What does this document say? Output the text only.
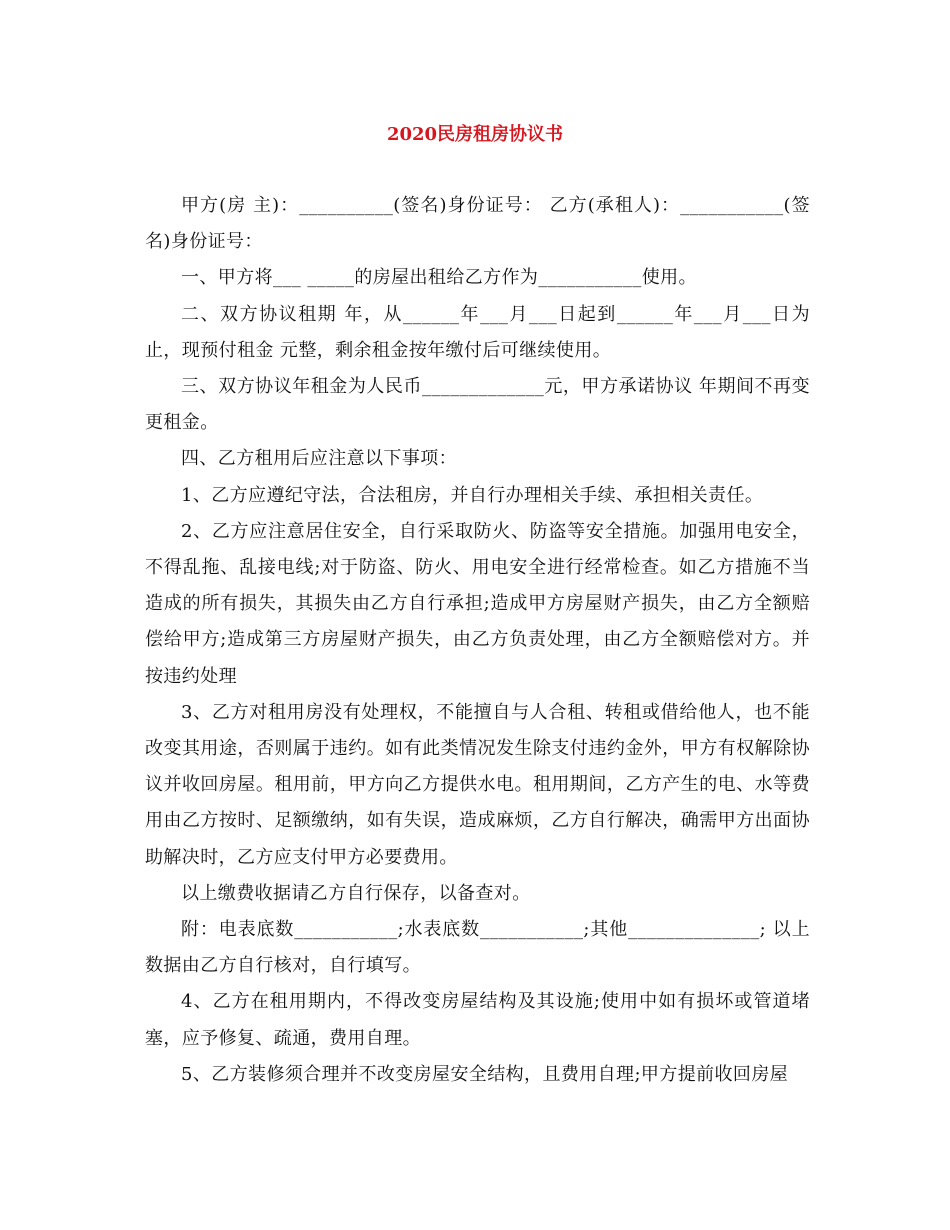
2020民房租房协议书

甲方(房 主)：__________(签名)身份证号： 乙方(承租人)：___________(签名)身份证号：

一、甲方将___ _____的房屋出租给乙方作为___________使用。

二、双方协议租期 年，从______年___月___日起到______年___月___日为止，现预付租金 元整，剩余租金按年缴付后可继续使用。

三、双方协议年租金为人民币_____________元，甲方承诺协议 年期间不再变更租金。

四、乙方租用后应注意以下事项：

1、乙方应遵纪守法，合法租房，并自行办理相关手续、承担相关责任。

2、乙方应注意居住安全，自行采取防火、防盗等安全措施。加强用电安全，不得乱拖、乱接电线;对于防盗、防火、用电安全进行经常检查。如乙方措施不当造成的所有损失，其损失由乙方自行承担;造成甲方房屋财产损失，由乙方全额赔偿给甲方;造成第三方房屋财产损失，由乙方负责处理，由乙方全额赔偿对方。并按违约处理

3、乙方对租用房没有处理权，不能擅自与人合租、转租或借给他人，也不能改变其用途，否则属于违约。如有此类情况发生除支付违约金外，甲方有权解除协议并收回房屋。租用前，甲方向乙方提供水电。租用期间，乙方产生的电、水等费用由乙方按时、足额缴纳，如有失误，造成麻烦，乙方自行解决，确需甲方出面协助解决时，乙方应支付甲方必要费用。

以上缴费收据请乙方自行保存，以备查对。

附：电表底数___________;水表底数___________;其他______________; 以上数据由乙方自行核对，自行填写。

4、乙方在租用期内，不得改变房屋结构及其设施;使用中如有损坏或管道堵塞，应予修复、疏通，费用自理。

5、乙方装修须合理并不改变房屋安全结构，且费用自理;甲方提前收回房屋
